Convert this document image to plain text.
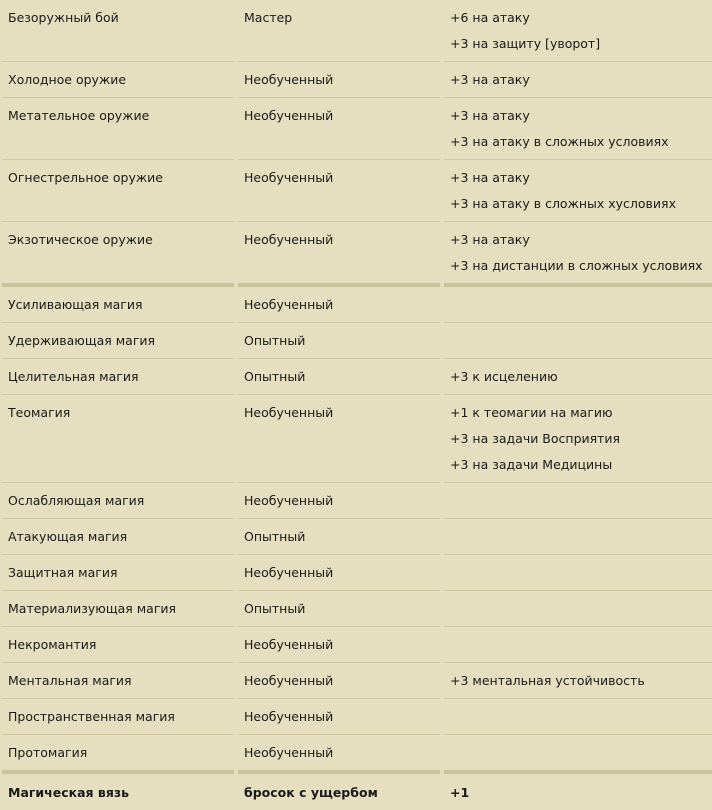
Безоружный бой	Мастер	+6 на атаку
+3 на защиту [уворот]

Холодное оружие	Необученный	+3 на атаку

Метательное оружие	Необученный	+3 на атаку
+3 на атаку в сложных условиях

Огнестрельное оружие	Необученный	+3 на атаку
+3 на атаку в сложных хусловиях

Экзотическое оружие	Необученный	+3 на атаку
+3 на дистанции в сложных условиях

Усиливающая магия	Необученный	
Удерживающая магия	Опытный	
Целительная магия	Опытный	+3 к исцелению

Теомагия	Необученный	+1 к теомагии на магию
+3 на задачи Восприятия
+3 на задачи Медицины

Ослабляющая магия	Необученный	
Атакующая магия	Опытный	
Защитная магия	Необученный	
Материализующая магия	Опытный	
Некромантия	Необученный	
Ментальная магия	Необученный	+3 ментальная устойчивость

Пространственная магия	Необученный	
Протомагия	Необученный	
Магическая вязь	бросок с ущербом	+1
